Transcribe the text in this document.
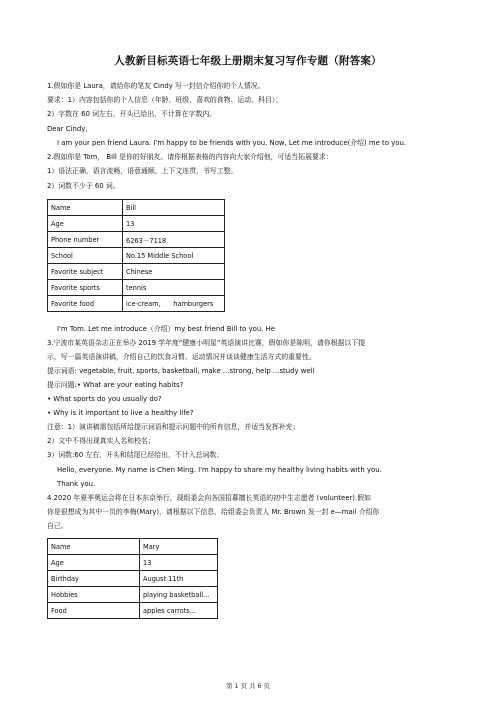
人教新目标英语七年级上册期末复习写作专题（附答案）
1.假如你是 Laura，请给你的笔友 Cindy 写一封信介绍你的个人情况。
要求：1）内容包括你的个人信息（年龄、班级、喜欢的食物、运动、科目）；
2）字数在 60 词左右，开头已给出，不计算在字数内。
Dear Cindy,
I am your pen friend Laura. I'm happy to be friends with you. Now, Let me introduce(介绍) me to you.
2.假如你是 Tom， Bill 是你的好朋友。请你根据表格的内容向大家介绍他，可适当拓展要求：
1）语法正确，语言流畅，语意通顺，上下文连贯，书写工整。
2）词数不少于 60 词。
Name	Bill
Age	13
Phone number	6263－7118
School	No.15 Middle School
Favorite subject	Chinese
Favorite sports	tennis
Favorite food	ice-cream,      hamburgers
I'm Tom. Let me introduce（介绍）my best friend Bill to you. He
3.宁波市某英语杂志正在举办 2019 学年度“健康小明星”英语演讲比赛，假如你是陈明，请你根据以下提
示，写一篇英语演讲稿，介绍自己的饮食习惯、运动情况并谈谈健康生活方式的重要性。
提示词语: vegetable, fruit, sports, basketball, make ...strong, help ...study well
提示问题:• What are your eating habits?
• What sports do you usually do?
• Why is it important to live a healthy life?
注意：1）演讲稿需包括所给提示词语和提示问题中的所有信息，并适当发挥补充；
2）文中不得出现真实人名和校名；
3）词数:60 左右，开头和结尾已经给出，不计入总词数；
Hello, everyone. My name is Chen Ming. I'm happy to share my healthy living habits with you.
Thank you.
4.2020 年夏季奥运会将在日本东京举行，现组委会向各国招募擅长英语的初中生志愿者 (volunteer).假如
你是很想成为其中一员的李梅(Mary)，请根据以下信息，给组委会负责人 Mr. Brown 发一封 e—mail 介绍你
自己。
Name	Mary
Age	13
Birthday	August 11th
Hobbies	playing basketball...
Food	apples carrots...
第 1 页 共 6 页
